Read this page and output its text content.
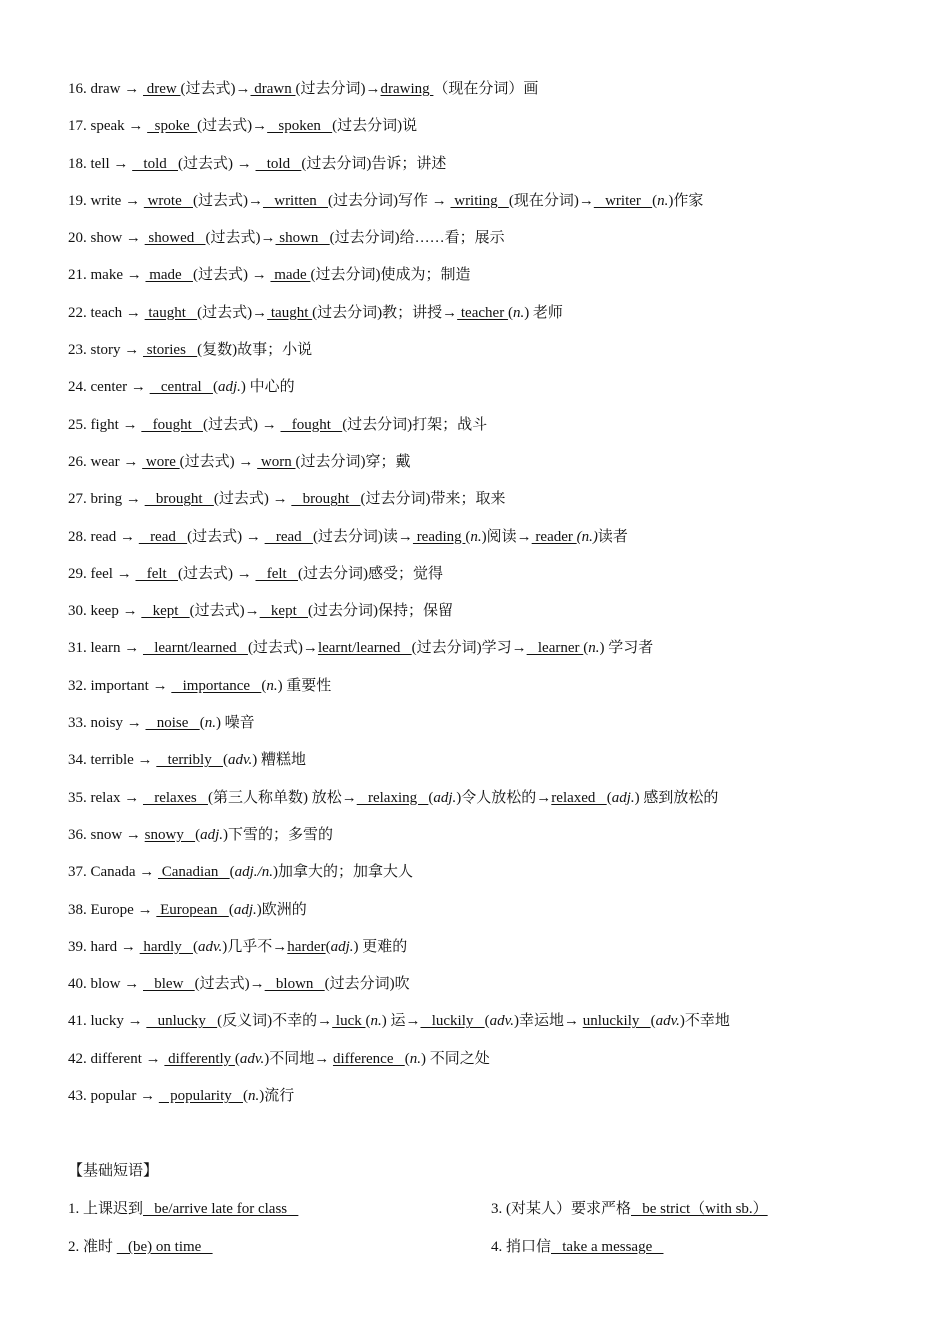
16. draw →  drew (过去式)→ drawn (过去分词)→drawing （现在分词）画
17. speak →   spoke  (过去式)→   spoken   (过去分词)说
18. tell →    told   (过去式) →    told   (过去分词)告诉；讲述
19. write →  wrote   (过去式)→   written   (过去分词)写作 →  writing   (现在分词)→   writer   (n.)作家
20. show →  showed   (过去式)→ shown   (过去分词)给……看；展示
21. make →  made   (过去式) →  made (过去分词)使成为；制造
22. teach →  taught   (过去式)→ taught (过去分词)教；讲授→ teacher (n.) 老师
23. story →  stories   (复数)故事；小说
24. center →    central   (adj.) 中心的
25. fight →    fought   (过去式) →    fought   (过去分词)打架；战斗
26. wear →  wore (过去式) →  worn (过去分词)穿；戴
27. bring →    brought   (过去式) →    brought   (过去分词)带来；取来
28. read →    read   (过去式) →    read   (过去分词)读→ reading (n.)阅读→ reader (n.)读者
29. feel →    felt   (过去式) →    felt   (过去分词)感受；觉得
30. keep →    kept   (过去式)→   kept   (过去分词)保持；保留
31. learn →    learnt/learned   (过去式)→learnt/learned   (过去分词)学习→   learner (n.) 学习者
32. important →    importance   (n.) 重要性
33. noisy →    noise   (n.) 噪音
34. terrible →    terribly   (adv.) 糟糕地
35. relax →    relaxes   (第三人称单数) 放松→   relaxing   (adj.)令人放松的→relaxed   (adj.) 感到放松的
36. snow → snowy   (adj.)下雪的；多雪的
37. Canada →  Canadian   (adj./n.)加拿大的；加拿大人
38. Europe →  European   (adj.)欧洲的
39. hard →  hardly   (adv.)几乎不→harder(adj.) 更难的
40. blow →    blew   (过去式)→   blown   (过去分词)吹
41. lucky →    unlucky   (反义词)不幸的→ luck (n.) 运→   luckily   (adv.)幸运地→ unluckily   (adv.)不幸地
42. different →  differently (adv.)不同地→ difference   (n.) 不同之处
43. popular →    popularity   (n.)流行
【基础短语】
1. 上课迟到   be/arrive late for class
2. 准时    (be) on time
3. (对某人）要求严格   be strict（with sb.）
4. 捎口信   take a message
